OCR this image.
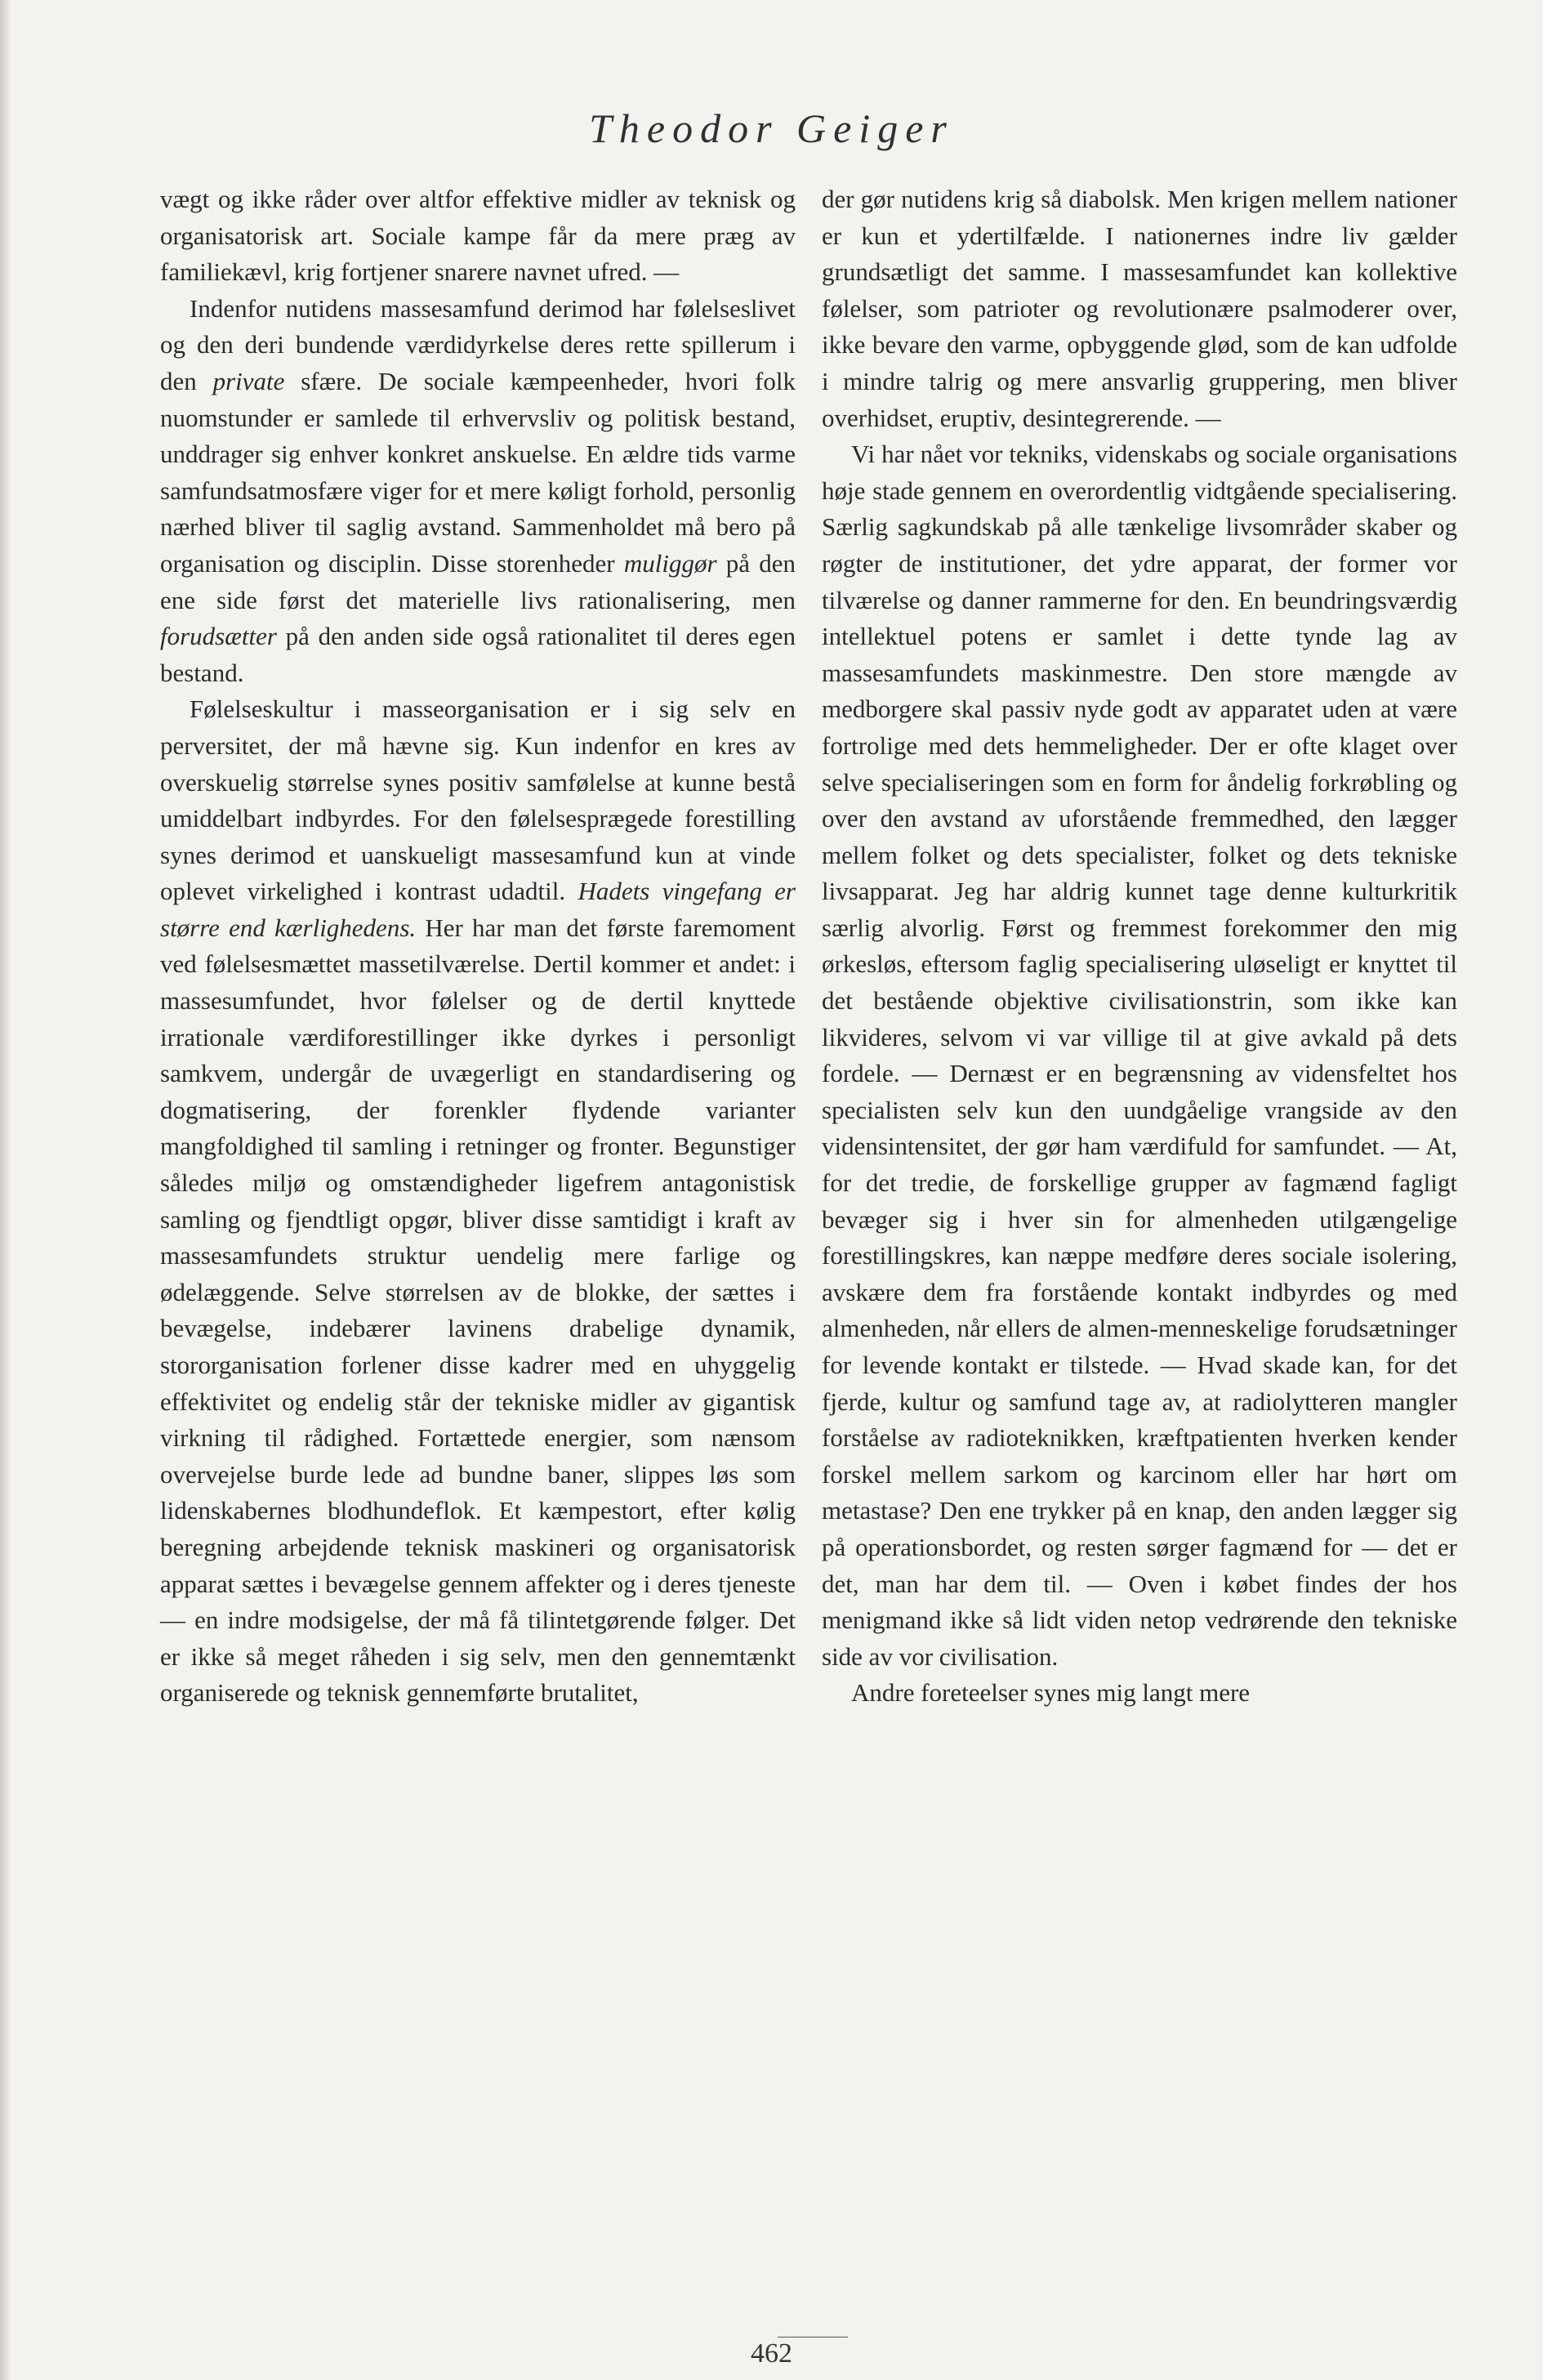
Theodor Geiger

vægt og ikke råder over altfor effektive midler av teknisk og organisatorisk art. Sociale kampe får da mere præg av familiekævl, krig fortjener snarere navnet ufred. —

Indenfor nutidens massesamfund derimod har følelseslivet og den deri bundende værdidyrkelse deres rette spillerum i den private sfære. De sociale kæmpeenheder, hvori folk nuomstunder er samlede til erhvervsliv og politisk bestand, unddrager sig enhver konkret anskuelse. En ældre tids varme samfundsatmosfære viger for et mere køligt forhold, personlig nærhed bliver til saglig avstand. Sammenholdet må bero på organisation og disciplin. Disse storenheder muliggør på den ene side først det materielle livs rationalisering, men forudsætter på den anden side også rationalitet til deres egen bestand.

Følelseskultur i masseorganisation er i sig selv en perversitet, der må hævne sig. Kun indenfor en kres av overskuelig størrelse synes positiv samfølelse at kunne bestå umiddelbart indbyrdes. For den følelsesprægede forestilling synes derimod et uanskueligt massesamfund kun at vinde oplevet virkelighed i kontrast udadtil. Hadets vingefang er større end kærlighedens. Her har man det første faremoment ved følelsesmættet massetilværelse. Dertil kommer et andet: i massesumfundet, hvor følelser og de dertil knyttede irrationale værdiforestillinger ikke dyrkes i personligt samkvem, undergår de uvægerligt en standardisering og dogmatisering, der forenkler flydende varianter mangfoldighed til samling i retninger og fronter. Begunstiger således miljø og omstændigheder ligefrem antagonistisk samling og fjendtligt opgør, bliver disse samtidigt i kraft av massesamfundets struktur uendelig mere farlige og ødelæggende. Selve størrelsen av de blokke, der sættes i bevægelse, indebærer lavinens drabelige dynamik, stororganisation forlener disse kadrer med en uhyggelig effektivitet og endelig står der tekniske midler av gigantisk virkning til rådighed. Fortættede energier, som nænsom overvejelse burde lede ad bundne baner, slippes løs som lidenskabernes blodhundeflok. Et kæmpestort, efter kølig beregning arbejdende teknisk maskineri og organisatorisk apparat sættes i bevægelse gennem affekter og i deres tjeneste — en indre modsigelse, der må få tilintetgørende følger. Det er ikke så meget råheden i sig selv, men den gennemtænkt organiserede og teknisk gennemførte brutalitet,

der gør nutidens krig så diabolsk. Men krigen mellem nationer er kun et ydertilfælde. I nationernes indre liv gælder grundsætligt det samme. I massesamfundet kan kollektive følelser, som patrioter og revolutionære psalmoderer over, ikke bevare den varme, opbyggende glød, som de kan udfolde i mindre talrig og mere ansvarlig gruppering, men bliver overhidset, eruptiv, desintegrerende. —

Vi har nået vor tekniks, videnskabs og sociale organisations høje stade gennem en overordentlig vidtgående specialisering. Særlig sagkundskab på alle tænkelige livsområder skaber og røgter de institutioner, det ydre apparat, der former vor tilværelse og danner rammerne for den. En beundringsværdig intellektuel potens er samlet i dette tynde lag av massesamfundets maskinmestre. Den store mængde av medborgere skal passiv nyde godt av apparatet uden at være fortrolige med dets hemmeligheder. Der er ofte klaget over selve specialiseringen som en form for åndelig forkrøbling og over den avstand av uforstående fremmedhed, den lægger mellem folket og dets specialister, folket og dets tekniske livsapparat. Jeg har aldrig kunnet tage denne kulturkritik særlig alvorlig. Først og fremmest forekommer den mig ørkesløs, eftersom faglig specialisering uløseligt er knyttet til det bestående objektive civilisationstrin, som ikke kan likvideres, selvom vi var villige til at give avkald på dets fordele. — Dernæst er en begrænsning av vidensfeltet hos specialisten selv kun den uundgåelige vrangside av den vidensintensitet, der gør ham værdifuld for samfundet. — At, for det tredie, de forskellige grupper av fagmænd fagligt bevæger sig i hver sin for almenheden utilgængelige forestillingskres, kan næppe medføre deres sociale isolering, avskære dem fra forstående kontakt indbyrdes og med almenheden, når ellers de almen-menneskelige forudsætninger for levende kontakt er tilstede. — Hvad skade kan, for det fjerde, kultur og samfund tage av, at radiolytteren mangler forståelse av radioteknikken, kræftpatienten hverken kender forskel mellem sarkom og karcinom eller har hørt om metastase? Den ene trykker på en knap, den anden lægger sig på operationsbordet, og resten sørger fagmænd for — det er det, man har dem til. — Oven i købet findes der hos menigmand ikke så lidt viden netop vedrørende den tekniske side av vor civilisation.

Andre foreteelser synes mig langt mere

462
